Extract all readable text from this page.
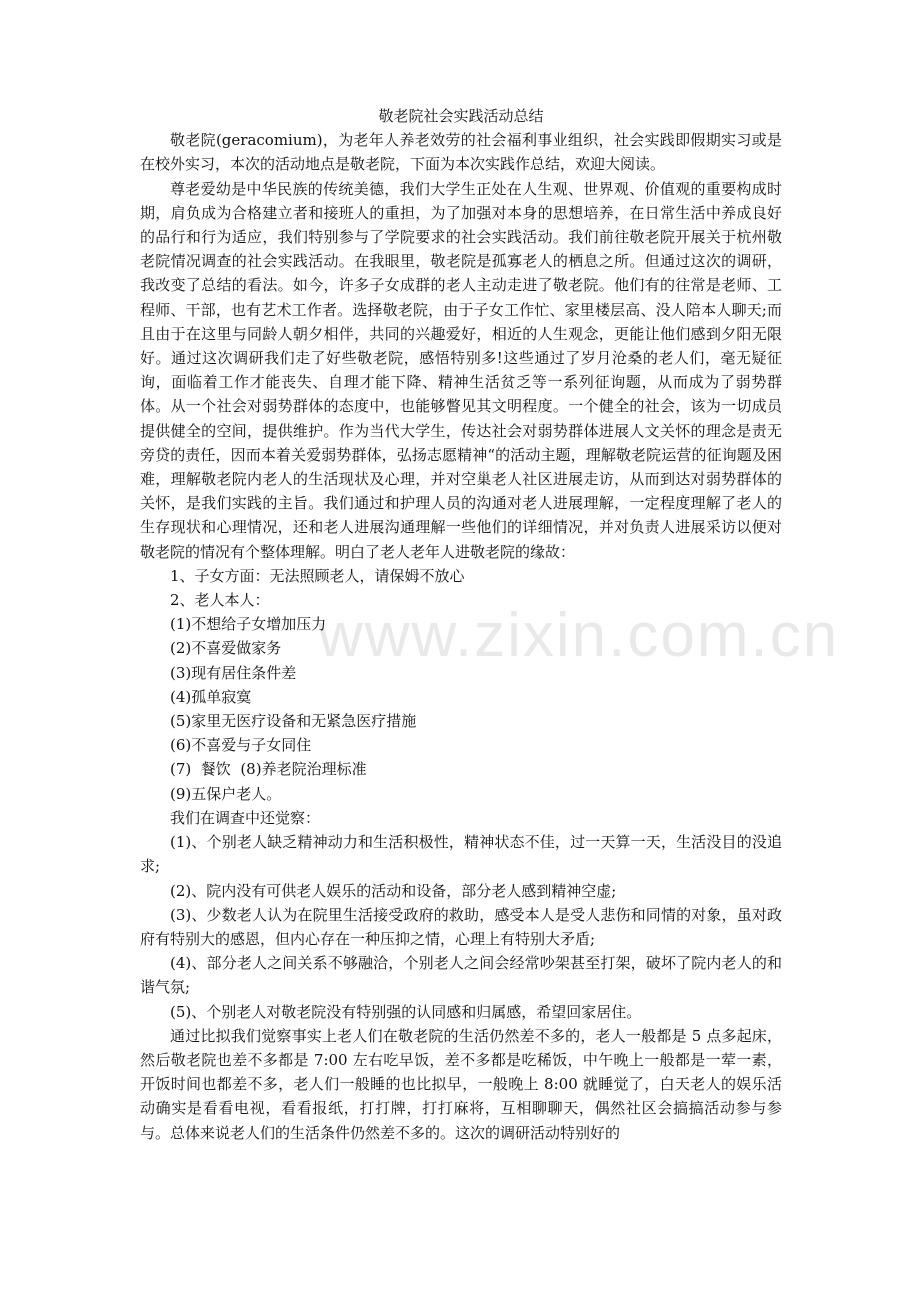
www.zixin.com.cn

敬老院社会实践活动总结

敬老院(geracomium)，为老年人养老效劳的社会福利事业组织，社会实践即假期实习或是在校外实习，本次的活动地点是敬老院，下面为本次实践作总结，欢迎大阅读。

尊老爱幼是中华民族的传统美德，我们大学生正处在人生观、世界观、价值观的重要构成时期，肩负成为合格建立者和接班人的重担，为了加强对本身的思想培养，在日常生活中养成良好的品行和行为适应，我们特别参与了学院要求的社会实践活动。我们前往敬老院开展关于杭州敬老院情况调查的社会实践活动。在我眼里，敬老院是孤寡老人的栖息之所。但通过这次的调研，我改变了总结的看法。如今，许多子女成群的老人主动走进了敬老院。他们有的往常是老师、工程师、干部，也有艺术工作者。选择敬老院，由于子女工作忙、家里楼层高、没人陪本人聊天;而且由于在这里与同龄人朝夕相伴，共同的兴趣爱好，相近的人生观念，更能让他们感到夕阳无限好。通过这次调研我们走了好些敬老院，感悟特别多!这些通过了岁月沧桑的老人们，毫无疑征询，面临着工作才能丧失、自理才能下降、精神生活贫乏等一系列征询题，从而成为了弱势群体。从一个社会对弱势群体的态度中，也能够瞥见其文明程度。一个健全的社会，该为一切成员提供健全的空间，提供维护。作为当代大学生，传达社会对弱势群体进展人文关怀的理念是责无旁贷的责任，因而本着关爱弱势群体，弘扬志愿精神“的活动主题，理解敬老院运营的征询题及困难，理解敬老院内老人的生活现状及心理，并对空巢老人社区进展走访，从而到达对弱势群体的关怀，是我们实践的主旨。我们通过和护理人员的沟通对老人进展理解，一定程度理解了老人的生存现状和心理情况，还和老人进展沟通理解一些他们的详细情况，并对负责人进展采访以便对敬老院的情况有个整体理解。明白了老人老年人进敬老院的缘故：

1、子女方面：无法照顾老人，请保姆不放心

2、老人本人：

(1)不想给子女增加压力

(2)不喜爱做家务

(3)现有居住条件差

(4)孤单寂寞

(5)家里无医疗设备和无紧急医疗措施

(6)不喜爱与子女同住

(7)  餐饮  (8)养老院治理标准

(9)五保户老人。

我们在调查中还觉察：

(1)、个别老人缺乏精神动力和生活积极性，精神状态不佳，过一天算一天，生活没目的没追求;

(2)、院内没有可供老人娱乐的活动和设备，部分老人感到精神空虚;

(3)、少数老人认为在院里生活接受政府的救助，感受本人是受人悲伤和同情的对象，虽对政府有特别大的感恩，但内心存在一种压抑之情，心理上有特别大矛盾;

(4)、部分老人之间关系不够融洽，个别老人之间会经常吵架甚至打架，破坏了院内老人的和谐气氛;

(5)、个别老人对敬老院没有特别强的认同感和归属感，希望回家居住。

通过比拟我们觉察事实上老人们在敬老院的生活仍然差不多的，老人一般都是 5 点多起床，然后敬老院也差不多都是 7:00 左右吃早饭，差不多都是吃稀饭，中午晚上一般都是一荤一素，开饭时间也都差不多，老人们一般睡的也比拟早，一般晚上 8:00 就睡觉了，白天老人的娱乐活动确实是看看电视，看看报纸，打打牌，打打麻将，互相聊聊天，偶然社区会搞搞活动参与参与。总体来说老人们的生活条件仍然差不多的。这次的调研活动特别好的
